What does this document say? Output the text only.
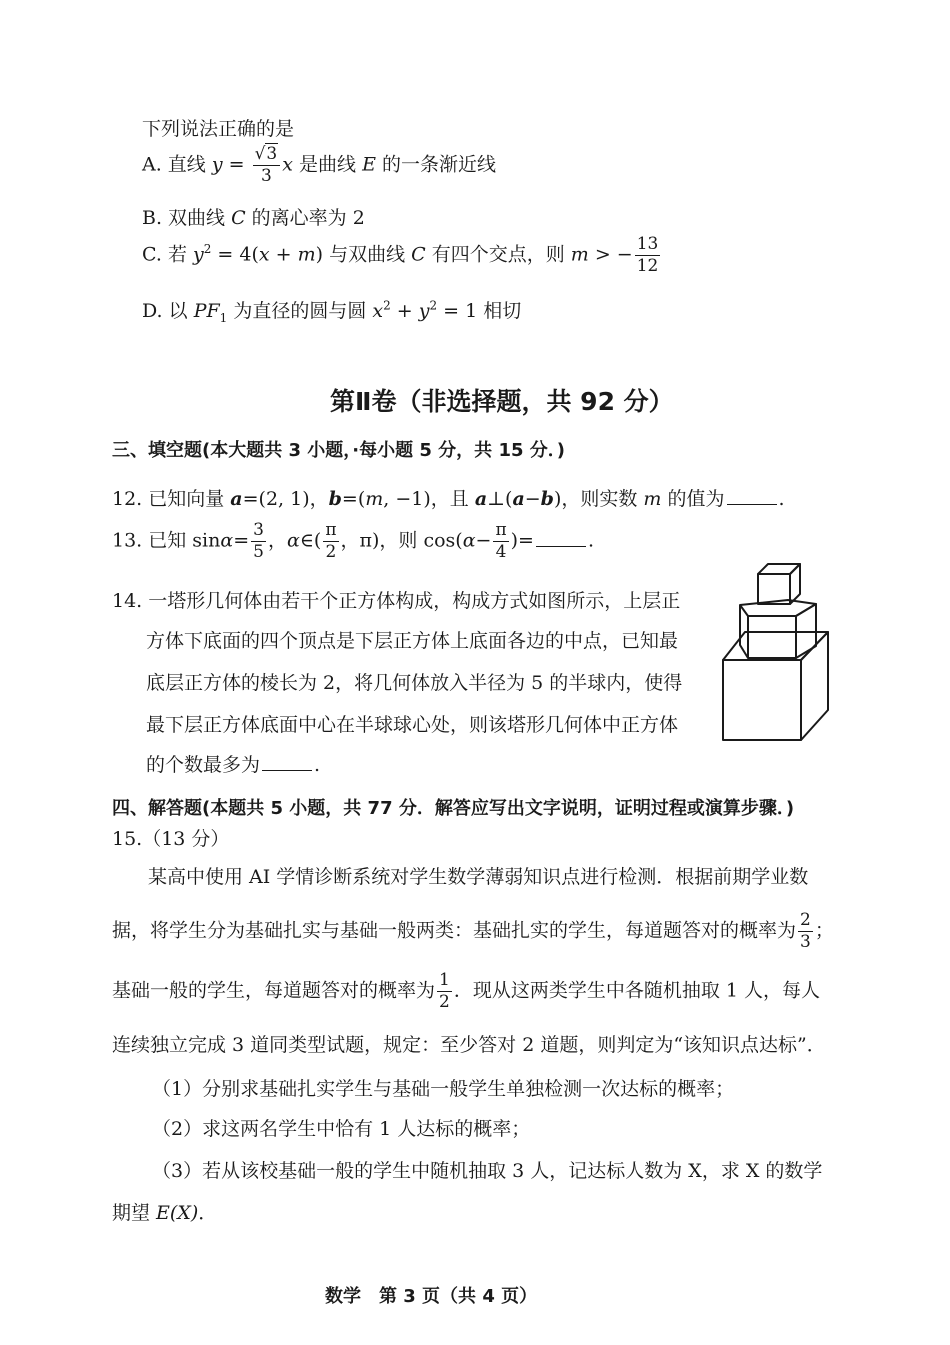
下列说法正确的是
A. 直线 $y = \frac{√3}{3}$ x 是曲线 E 的一条渐近线
B. 双曲线 C 的离心率为 2
C. 若 $y^2 = 4(x + m)$ 与双曲线 C 有四个交点，则 m > − $\frac{13}{12}$
D. 以 $PF_1$ 为直径的圆与圆 $x^2 + y^2 = 1$ 相切
第Ⅱ卷（非选择题，共 92 分）
三、填空题(本大题共 3 小题，·每小题 5 分，共 15 分．)
12. 已知向量 a=(2, 1)，b=(m, −1)，且 a⊥(a−b)，则实数 m 的值为	.
13. 已知 $\sin\alpha= \frac{3}{5}$ ，α∈( $\frac{\pi}{2}$ ，π)，则 $\cos(\alpha- \frac{\pi}{4}$ )=	.
14. 一塔形几何体由若干个正方体构成，构成方式如图所示，上层正
方体下底面的四个顶点是下层正方体上底面各边的中点，已知最
底层正方体的棱长为 2，将几何体放入半径为 5 的半球内，使得
最下层正方体底面中心在半球球心处，则该塔形几何体中正方体
的个数最多为	.
四、解答题(本题共 5 小题，共 77 分．解答应写出文字说明，证明过程或演算步骤．)
15.（13 分）
某高中使用 AI 学情诊断系统对学生数学薄弱知识点进行检测．根据前期学业数
据，将学生分为基础扎实与基础一般两类：基础扎实的学生，每道题答对的概率为 $\frac{2}{3}$ ；
基础一般的学生，每道题答对的概率为 $\frac{1}{2}$ ．现从这两类学生中各随机抽取 1 人，每人
连续独立完成 3 道同类型试题，规定：至少答对 2 道题，则判定为“该知识点达标”．
（1）分别求基础扎实学生与基础一般学生单独检测一次达标的概率；
（2）求这两名学生中恰有 1 人达标的概率；
（3）若从该校基础一般的学生中随机抽取 3 人，记达标人数为 X，求 X 的数学
期望 E(X)．
数学　第 3 页（共 4 页）
